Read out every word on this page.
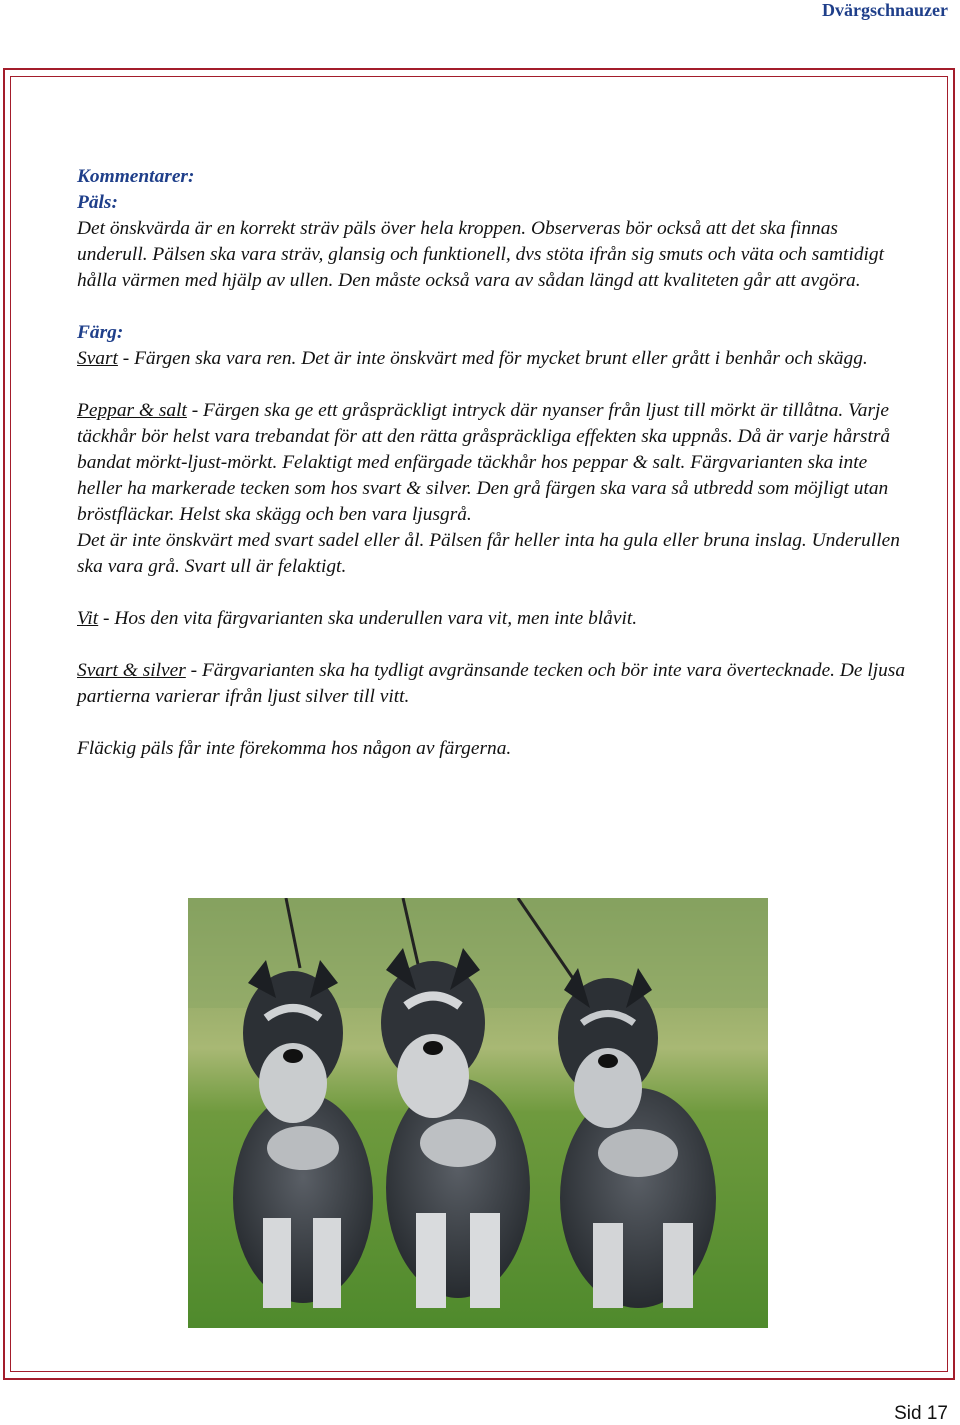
Dvärgschnauzer

Kommentarer:

Päls:

Det önskvärda är en korrekt sträv päls över hela kroppen. Observeras bör också att det ska finnas underull. Pälsen ska vara sträv, glansig och funktionell, dvs stöta ifrån sig smuts och väta och samtidigt hålla värmen med hjälp av ullen. Den måste också vara av sådan längd att kvaliteten går att avgöra.

Färg:

Svart - Färgen ska vara ren. Det är inte önskvärt med för mycket brunt eller grått i benhår och skägg.

Peppar & salt - Färgen ska ge ett gråspräckligt intryck där nyanser från ljust till mörkt är tillåtna. Varje täckhår bör helst vara trebandat för att den rätta gråspräckliga effekten ska uppnås. Då är varje hårstrå bandat mörkt-ljust-mörkt. Felaktigt med enfärgade täckhår hos peppar & salt. Färgvarianten ska inte heller ha markerade tecken som hos svart & silver. Den grå färgen ska vara så utbredd som möjligt utan bröstfläckar. Helst ska skägg och ben vara ljusgrå.

Det är inte önskvärt med svart sadel eller ål. Pälsen får heller inta ha gula eller bruna inslag. Underullen ska vara grå. Svart ull är felaktigt.

Vit - Hos den vita färgvarianten ska underullen vara vit, men inte blåvit.

Svart & silver - Färgvarianten ska ha tydligt avgränsande tecken och bör inte vara övertecknade. De ljusa partierna varierar ifrån ljust silver till vitt.

Fläckig päls får inte förekomma hos någon av färgerna.

Sid 17
